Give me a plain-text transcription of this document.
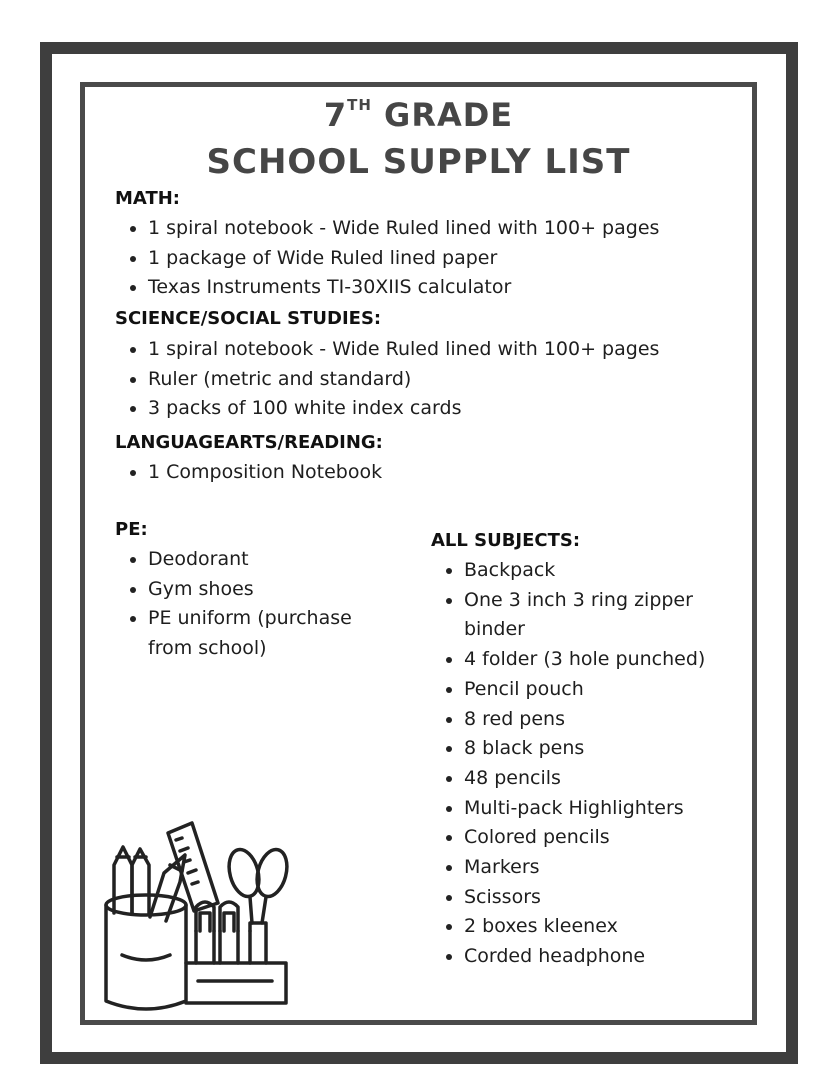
7TH GRADE
SCHOOL SUPPLY LIST
MATH:
1 spiral notebook - Wide Ruled lined with 100+ pages
1 package of Wide Ruled lined paper
Texas Instruments TI-30XIIS calculator
SCIENCE/SOCIAL STUDIES:
1 spiral notebook - Wide Ruled lined with 100+ pages
Ruler (metric and standard)
3 packs of 100 white index cards
LANGUAGEARTS/READING:
1 Composition Notebook
PE:
Deodorant
Gym shoes
PE uniform (purchase from school)
ALL SUBJECTS:
Backpack
One 3 inch 3 ring zipper binder
4 folder (3 hole punched)
Pencil pouch
8 red pens
8 black pens
48 pencils
Multi-pack Highlighters
Colored pencils
Markers
Scissors
2 boxes kleenex
Corded headphone
